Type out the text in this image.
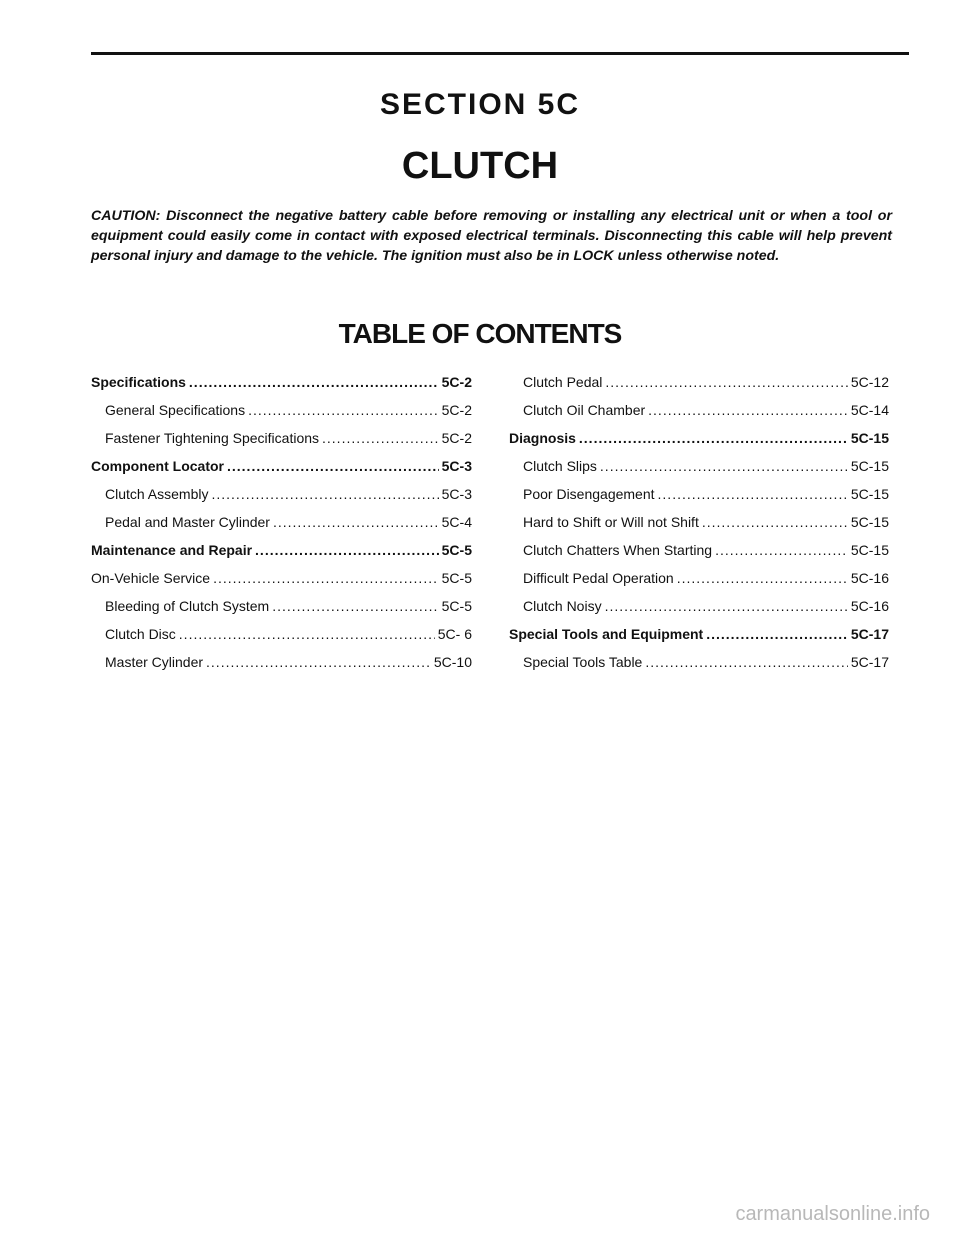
SECTION 5C
CLUTCH
CAUTION: Disconnect the negative battery cable before removing or installing any electrical unit or when a tool or equipment could easily come in contact with exposed electrical terminals. Disconnecting this cable will help prevent personal injury and damage to the vehicle. The ignition must also be in LOCK unless otherwise noted.
TABLE OF CONTENTS
Specifications .....	5C-2
General Specifications .....	5C-2
Fastener Tightening Specifications .....	5C-2
Component Locator .....	5C-3
Clutch Assembly .....	5C-3
Pedal and Master Cylinder .....	5C-4
Maintenance and Repair .....	5C-5
On-Vehicle Service .....	5C-5
Bleeding of Clutch System .....	5C-5
Clutch Disc .....	5C- 6
Master Cylinder .....	5C-10
Clutch Pedal .....	5C-12
Clutch Oil Chamber .....	5C-14
Diagnosis .....	5C-15
Clutch Slips .....	5C-15
Poor Disengagement .....	5C-15
Hard to Shift or Will not Shift .....	5C-15
Clutch Chatters When Starting .....	5C-15
Difficult Pedal Operation .....	5C-16
Clutch Noisy .....	5C-16
Special Tools and Equipment .....	5C-17
Special Tools Table .....	5C-17
carmanualsonline.info
